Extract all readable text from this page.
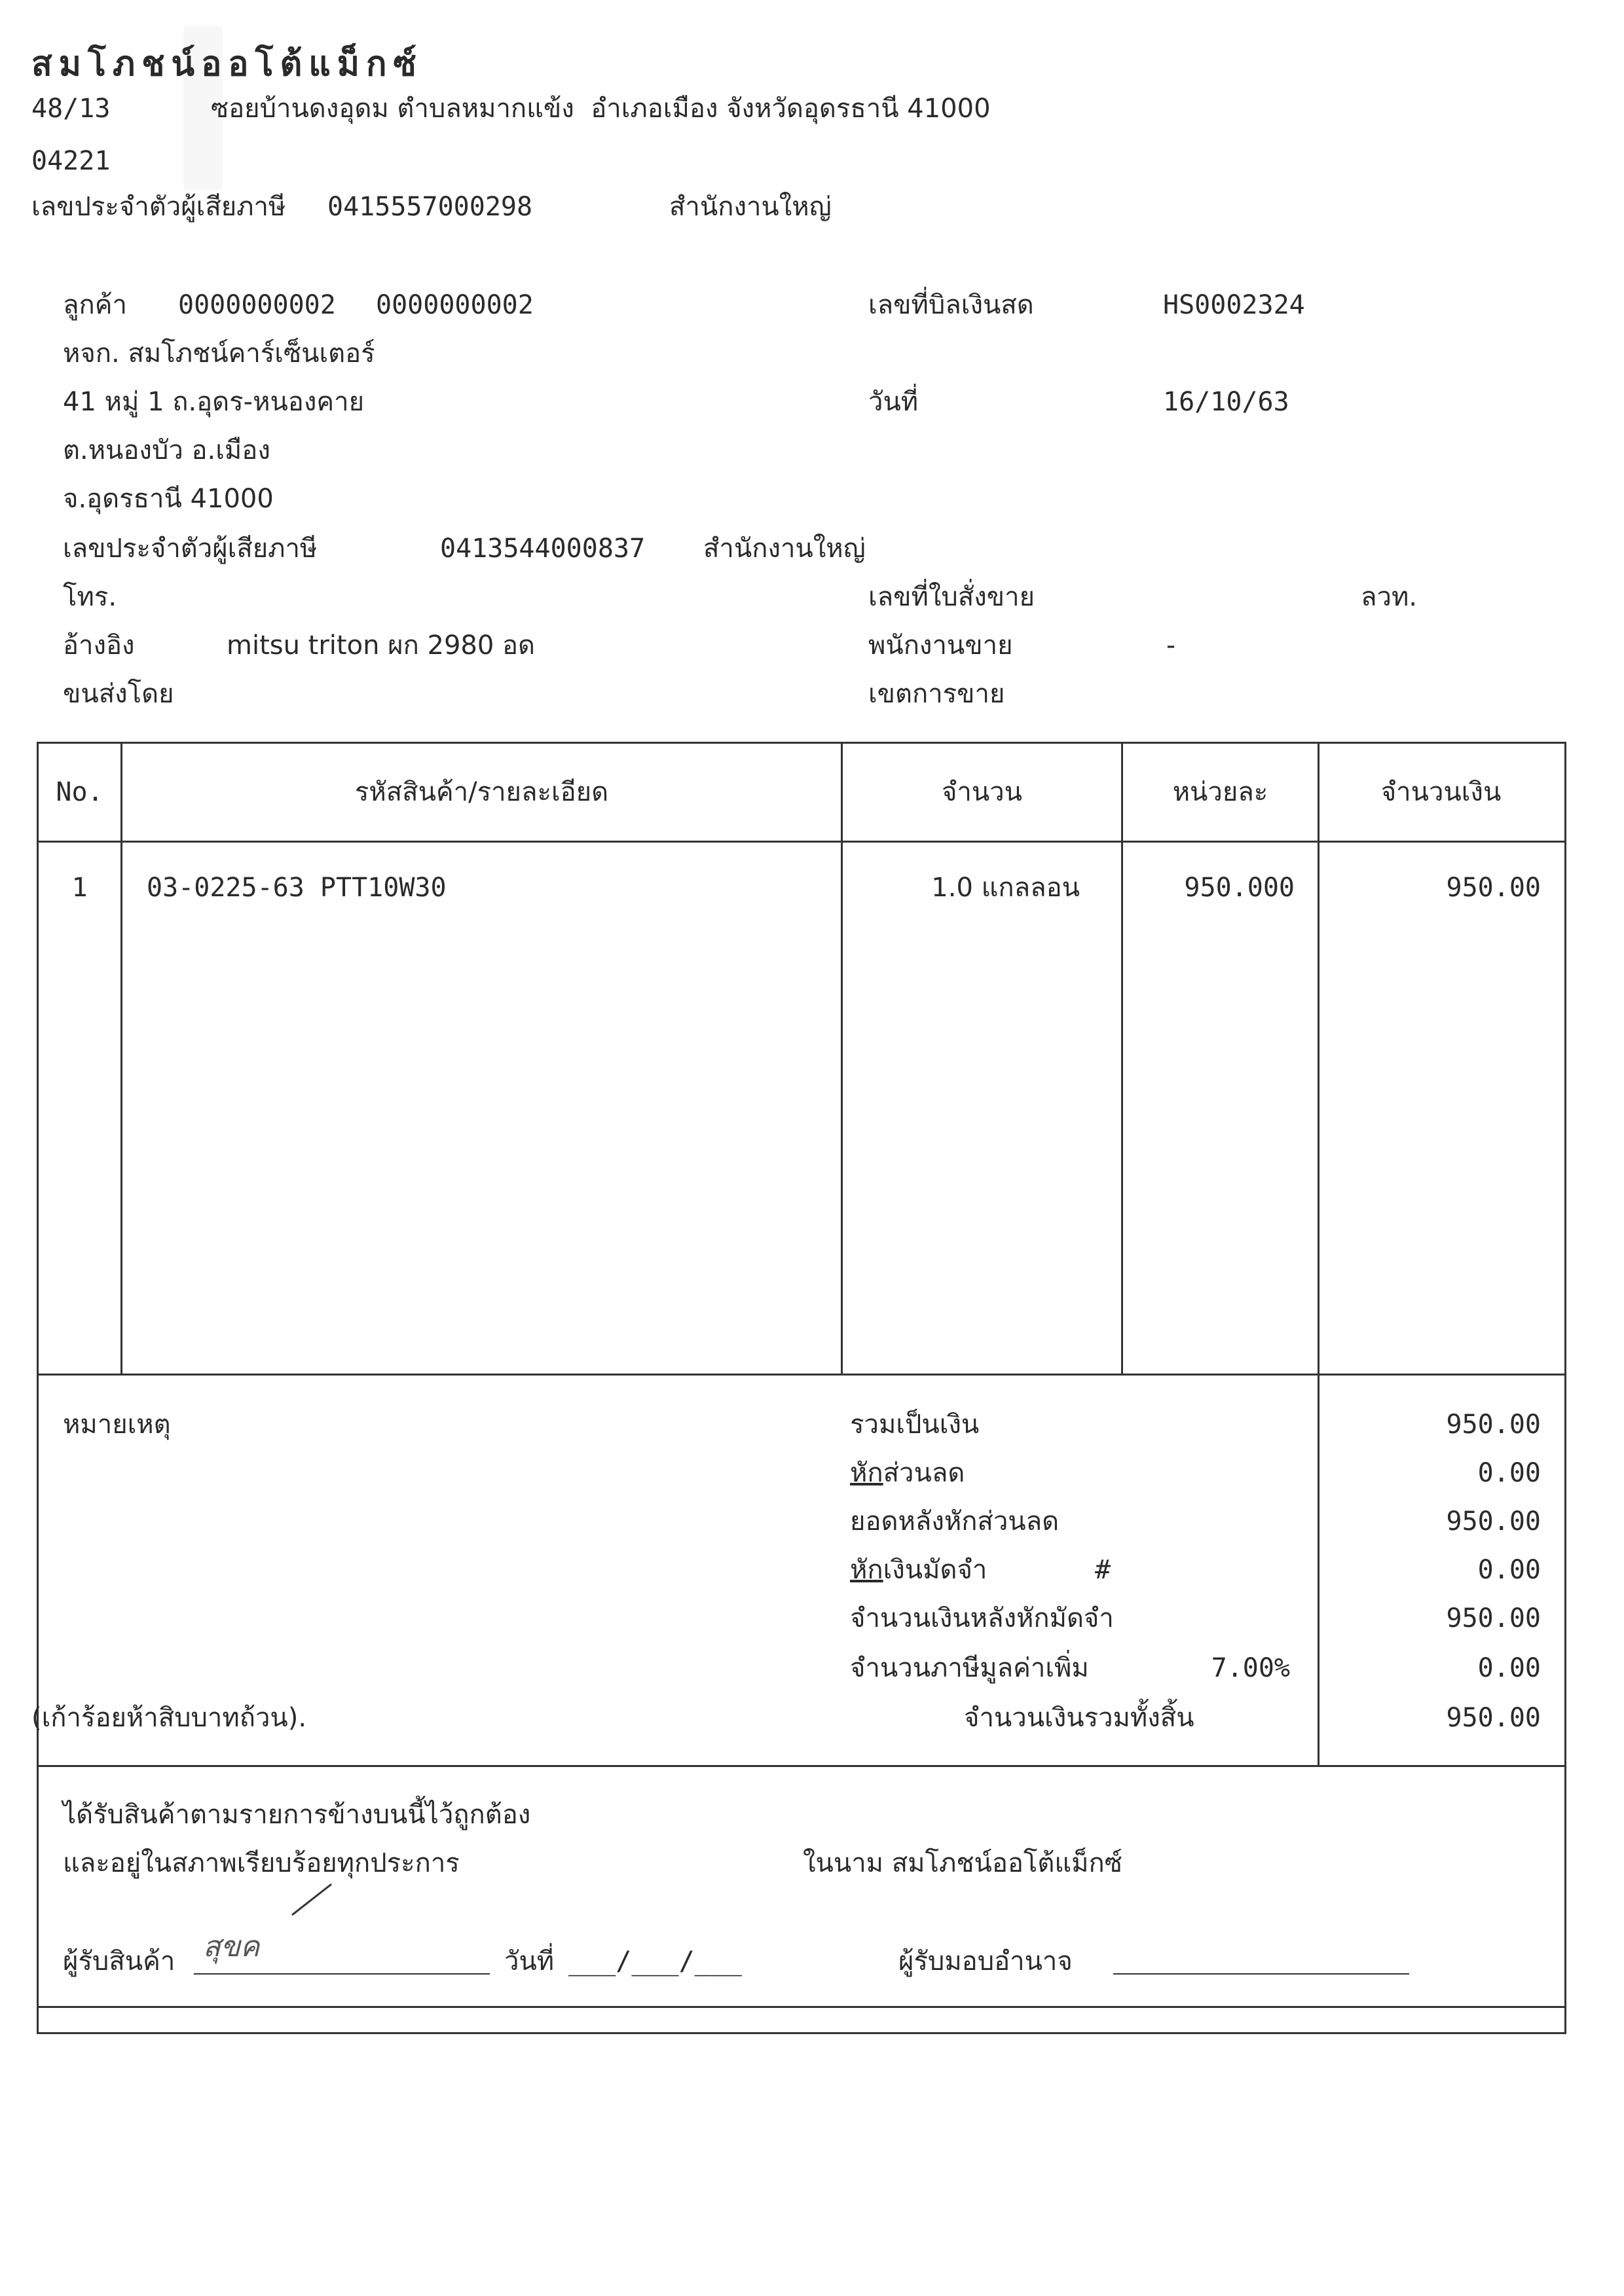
สมโภชน์ออโต้แม็กซ์
48/13	ซอยบ้านดงอุดม ตำบลหมากแข้ง  อำเภอเมือง จังหวัดอุดรธานี 41000
04221
เลขประจำตัวผู้เสียภาษี 0415557000298	สำนักงานใหญ่
ลูกค้า 0000000002 0000000002
หจก. สมโภชน์คาร์เซ็นเตอร์
41 หมู่ 1 ถ.อุดร-หนองคาย
ต.หนองบัว อ.เมือง
จ.อุดรธานี 41000
เลขประจำตัวผู้เสียภาษี	0413544000837 สำนักงานใหญ่
โทร.
อ้างอิง	mitsu triton ผก 2980 อด
ขนส่งโดย
เลขที่บิลเงินสด	HS0002324
วันที่	16/10/63
เลขที่ใบสั่งขาย	ลวท.
พนักงานขาย	-
เขตการขาย
No.	รหัสสินค้า/รายละเอียด	จำนวน	หน่วยละ	จำนวนเงิน
1	03-0225-63 PTT10W30	1.0 แกลลอน	950.000	950.00
หมายเหตุ
(เก้าร้อยห้าสิบบาทถ้วน).
รวมเป็นเงิน	950.00
หักส่วนลด	0.00
ยอดหลังหักส่วนลด	950.00
หักเงินมัดจำ	#	0.00
จำนวนเงินหลังหักมัดจำ	950.00
จำนวนภาษีมูลค่าเพิ่ม	7.00%	0.00
จำนวนเงินรวมทั้งสิ้น	950.00
ได้รับสินค้าตามรายการข้างบนนี้ไว้ถูกต้อง
และอยู่ในสภาพเรียบร้อยทุกประการ	ในนาม สมโภชน์ออโต้แม็กซ์
ผู้รับสินค้า สุขค	วันที่ ___/___/___	ผู้รับมอบอำนาจ
